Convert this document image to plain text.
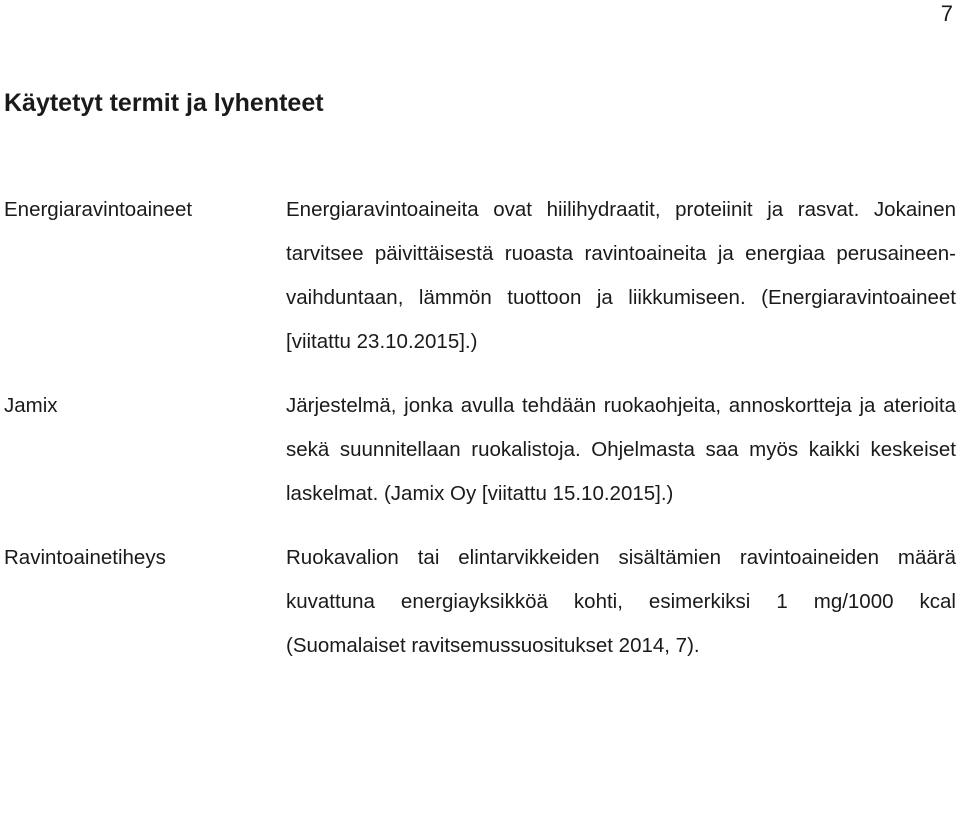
7
Käytetyt termit ja lyhenteet
Energiaravintoaineet	Energiaravintoaineita ovat hiilihydraatit, proteiinit ja rasvat. Jokainen tarvitsee päivittäisestä ruoasta ravintoaineita ja energiaa perusaineen-vaihduntaan, lämmön tuottoon ja liikkumiseen. (Energiaravintoaineet [viitattu 23.10.2015].)
Jamix	Järjestelmä, jonka avulla tehdään ruokaohjeita, annoskortteja ja aterioita sekä suunnitellaan ruokalistoja. Ohjelmasta saa myös kaikki keskeiset laskelmat. (Jamix Oy [viitattu 15.10.2015].)
Ravintoainetiheys	Ruokavalion tai elintarvikkeiden sisältämien ravintoaineiden määrä kuvattuna energiayksikköä kohti, esimerkiksi 1 mg/1000 kcal (Suomalaiset ravitsemussuositukset 2014, 7).
